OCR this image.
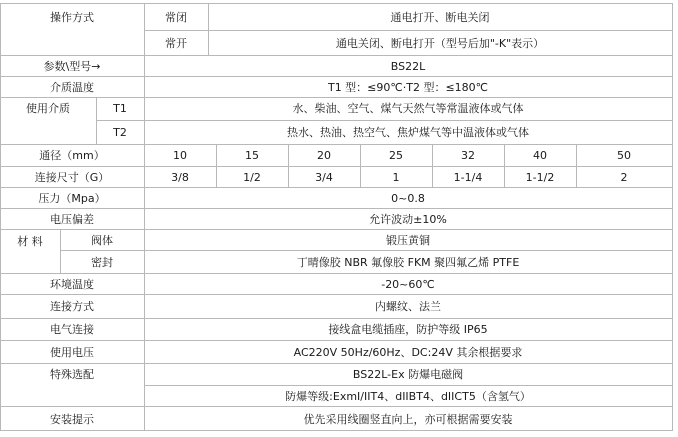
操作方式	常闭	通电打开、断电关闭
常开	通电关闭、断电打开（型号后加"-K"表示）
参数\型号→	BS22L
介质温度	T1 型：≤90℃·T2 型：≤180℃
使用介质	T1	水、柴油、空气、煤气天然气等常温液体或气体
T2	热水、热油、热空气、焦炉煤气等中温液体或气体
通径（mm）	10	15	20	25	32	40	50
连接尺寸（G）	3/8	1/2	3/4	1	1-1/4	1-1/2	2
压力（Mpa）	0~0.8
电压偏差	允许波动±10%
材 料	阀体	锻压黄铜
密封	丁晴像胶 NBR 氟像胶 FKM 聚四氟乙烯 PTFE
环境温度	-20~60℃
连接方式	内螺纹、法兰
电气连接	接线盒电缆插座，防护等级 IP65
使用电压	AC220V 50Hz/60Hz、DC:24V 其余根据要求
特殊选配	BS22L-Ex 防爆电磁阀
防爆等级:ExmI/IIT4、dIIBT4、dIICT5（含氢气）
安装提示	优先采用线圈竖直向上，亦可根据需要安装
